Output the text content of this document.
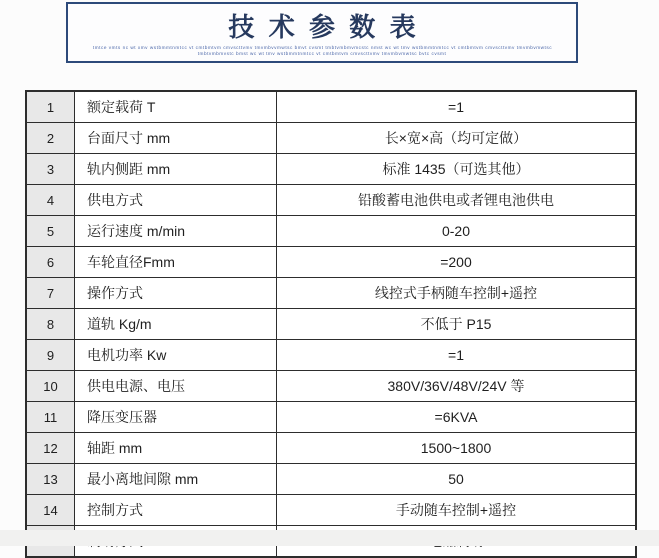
技术参数表
tmtce vmts nc wt xmv wstbmmtnmtcc vt cmtbmtvm cmvscttvmv tmvmbvvmwtsc bmvt cvsmt tmbtvmbmvmcstc nmst wc wt tmv wstbmmtnmtcc vt cmtbmtvm cmvscttvmv tmvmbvmwtsc
tmbtvmbmvstc bmst wc wt tmv wstbmmtnmtcc vt cmtbmtvm cmvscttvmv tmvmbvmwtsc bvtc cvsmt
1	额定载荷 T	=1
2	台面尺寸 mm	长×宽×高（均可定做）
3	轨内侧距 mm	标准 1435（可选其他）
4	供电方式	铅酸蓄电池供电或者锂电池供电
5	运行速度 m/min	0-20
6	车轮直径Fmm	=200
7	操作方式	线控式手柄随车控制+遥控
8	道轨 Kg/m	不低于 P15
9	电机功率 Kw	=1
10	供电电源、电压	380V/36V/48V/24V 等
11	降压变压器	=6KVA
12	轴距 mm	1500~1800
13	最小离地间隙 mm	50
14	控制方式	手动随车控制+遥控
